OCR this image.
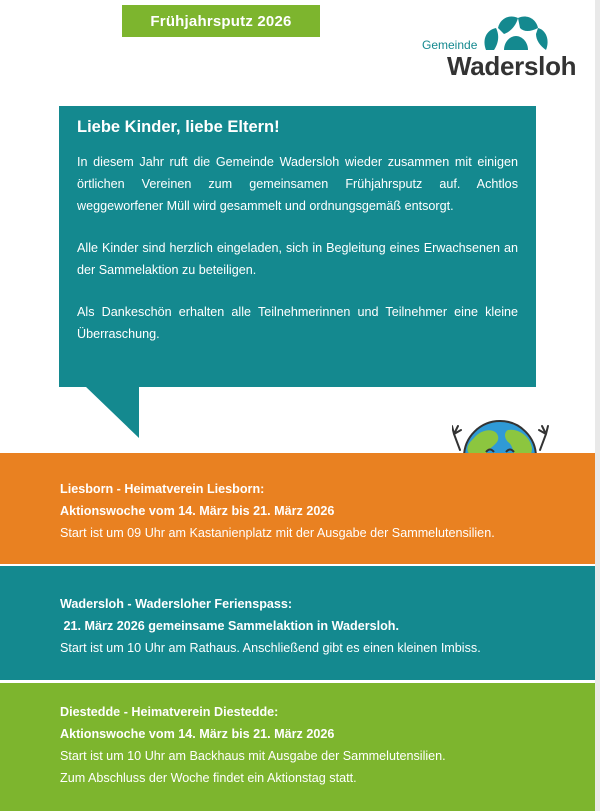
Frühjahrsputz 2026
Gemeinde
Wadersloh
Liebe Kinder, liebe Eltern!

In diesem Jahr ruft die Gemeinde Wadersloh wieder zusammen mit einigen örtlichen Vereinen zum gemeinsamen Frühjahrsputz auf. Achtlos weggeworfener Müll wird gesammelt und ordnungsgemäß entsorgt.

Alle Kinder sind herzlich eingeladen, sich in Begleitung eines Erwachsenen an der Sammelaktion zu beteiligen.

Als Dankeschön erhalten alle Teilnehmerinnen und Teilnehmer eine kleine Überraschung.

Liesborn - Heimatverein Liesborn:
Aktionswoche vom 14. März bis 21. März 2026
Start ist um 09 Uhr am Kastanienplatz mit der Ausgabe der Sammelutensilien.
Wadersloh - Wadersloher Ferienspass:
21. März 2026 gemeinsame Sammelaktion in Wadersloh.
Start ist um 10 Uhr am Rathaus. Anschließend gibt es einen kleinen Imbiss.
Diestedde - Heimatverein Diestedde:
Aktionswoche vom 14. März bis 21. März 2026
Start ist um 10 Uhr am Backhaus mit Ausgabe der Sammelutensilien.
Zum Abschluss der Woche findet ein Aktionstag statt.
